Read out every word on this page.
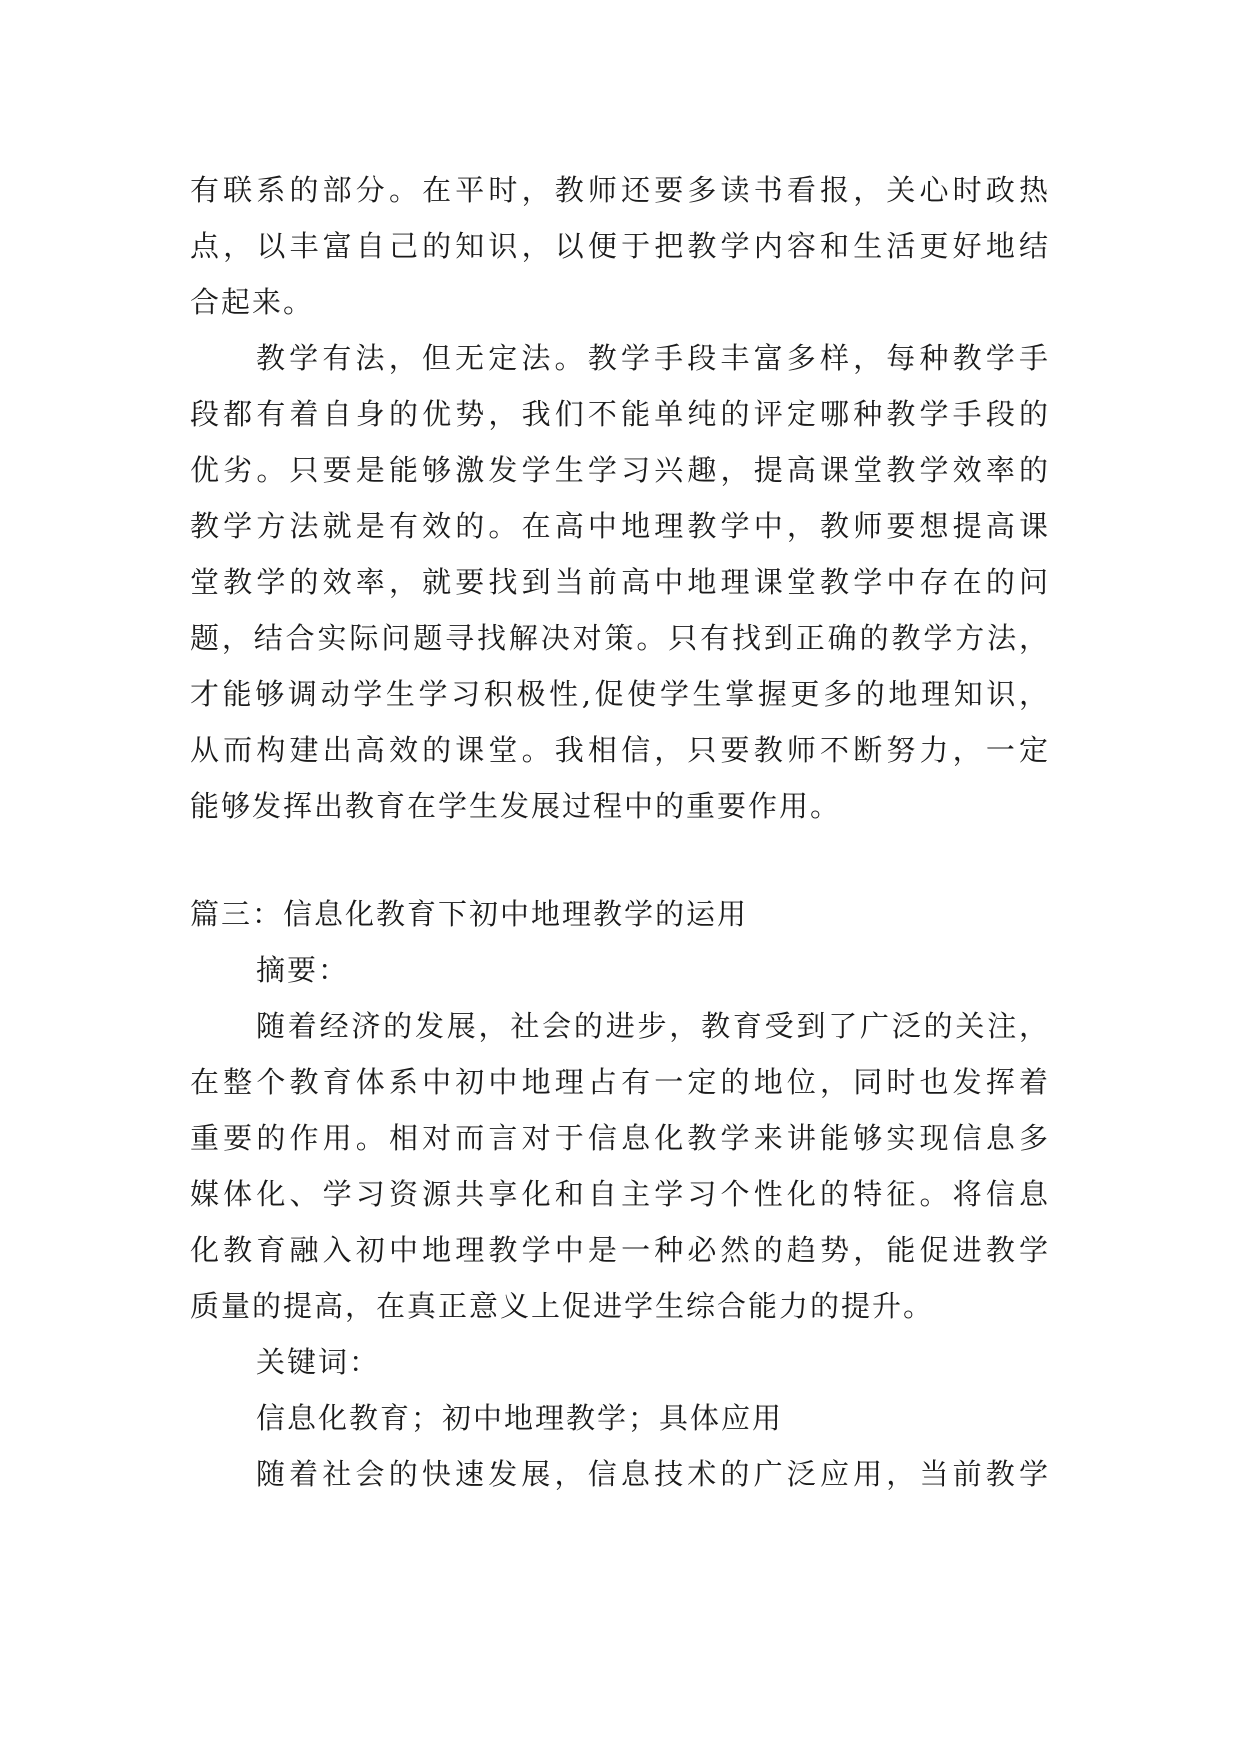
有联系的部分。在平时，教师还要多读书看报，关心时政热

点，以丰富自己的知识，以便于把教学内容和生活更好地结

合起来。

教学有法，但无定法。教学手段丰富多样，每种教学手

段都有着自身的优势，我们不能单纯的评定哪种教学手段的

优劣。只要是能够激发学生学习兴趣，提高课堂教学效率的

教学方法就是有效的。在高中地理教学中，教师要想提高课

堂教学的效率，就要找到当前高中地理课堂教学中存在的问

题，结合实际问题寻找解决对策。只有找到正确的教学方法，

才能够调动学生学习积极性,促使学生掌握更多的地理知识，

从而构建出高效的课堂。我相信，只要教师不断努力，一定

能够发挥出教育在学生发展过程中的重要作用。

篇三：信息化教育下初中地理教学的运用

摘要：

随着经济的发展，社会的进步，教育受到了广泛的关注，

在整个教育体系中初中地理占有一定的地位，同时也发挥着

重要的作用。相对而言对于信息化教学来讲能够实现信息多

媒体化、学习资源共享化和自主学习个性化的特征。将信息

化教育融入初中地理教学中是一种必然的趋势，能促进教学

质量的提高，在真正意义上促进学生综合能力的提升。

关键词：

信息化教育；初中地理教学；具体应用

随着社会的快速发展，信息技术的广泛应用，当前教学
